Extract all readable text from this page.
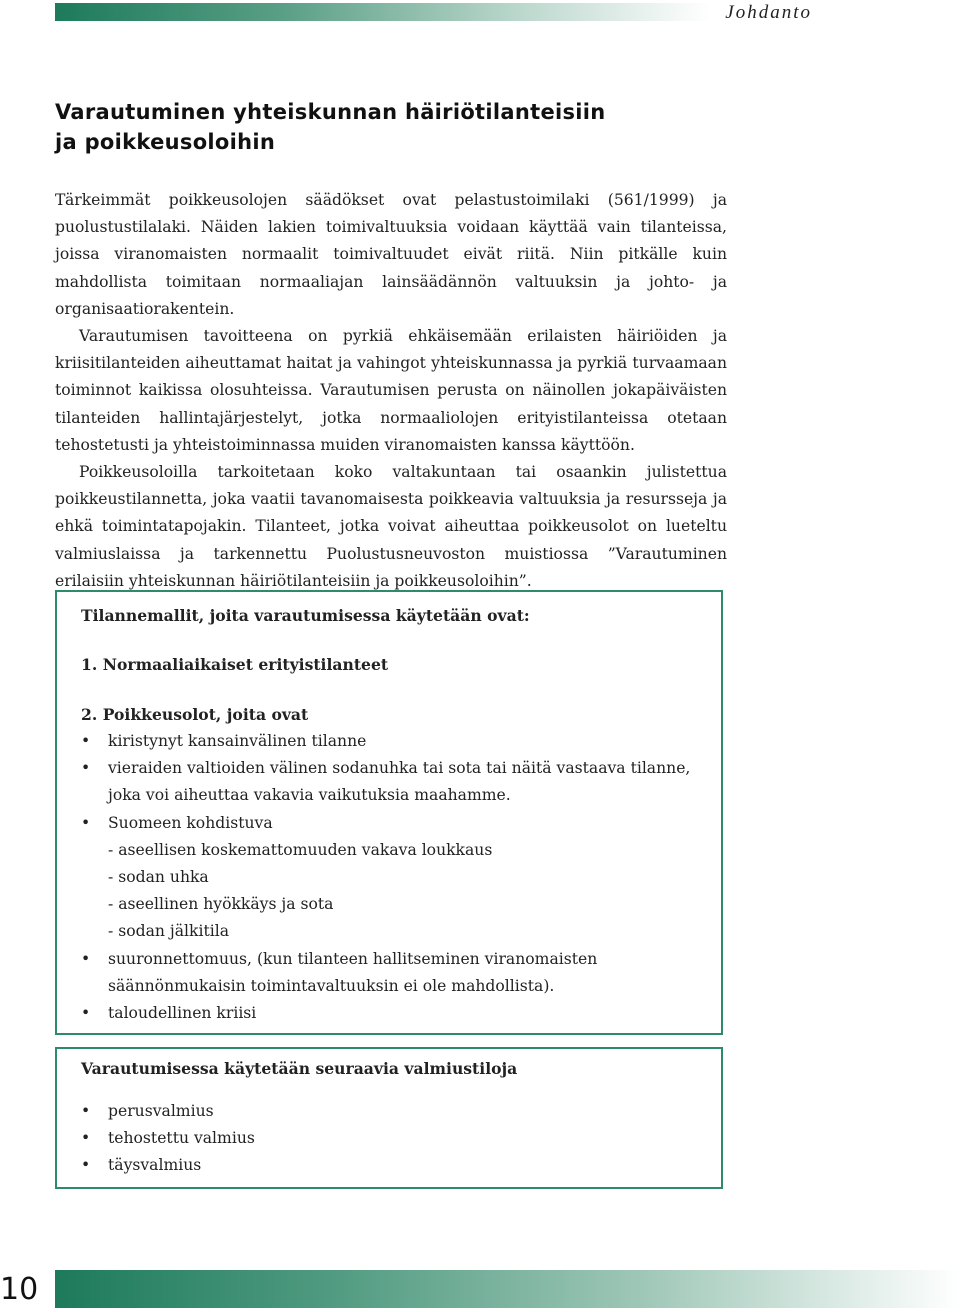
Johdanto
Varautuminen yhteiskunnan häiriötilanteisiin
ja poikkeusoloihin

Tärkeimmät poikkeusolojen säädökset ovat pelastustoimilaki (561/1999) ja puolustustilalaki. Näiden lakien toimivaltuuksia voidaan käyttää vain tilanteissa, joissa viranomaisten normaalit toimivaltuudet eivät riitä. Niin pitkälle kuin mahdollista toimitaan normaaliajan lainsäädännön valtuuksin ja johto- ja organisaatiorakentein.

Varautumisen tavoitteena on pyrkiä ehkäisemään erilaisten häiriöiden ja kriisitilanteiden aiheuttamat haitat ja vahingot yhteiskunnassa ja pyrkiä turvaamaan toiminnot kaikissa olosuhteissa. Varautumisen perusta on näinollen jokapäiväisten tilanteiden hallintajärjestelyt, jotka normaaliolojen erityistilanteissa otetaan tehostetusti ja yhteistoiminnassa muiden viranomaisten kanssa käyttöön.

Poikkeusoloilla tarkoitetaan koko valtakuntaan tai osaankin julistettua poikkeustilannetta, joka vaatii tavanomaisesta poikkeavia valtuuksia ja resursseja ja ehkä toimintatapojakin. Tilanteet, jotka voivat aiheuttaa poikkeusolot on lueteltu valmiuslaissa ja tarkennettu Puolustusneuvoston muistiossa ”Varautuminen erilaisiin yhteiskunnan häiriötilanteisiin ja poikkeusoloihin”.

Tilannemallit, joita varautumisessa käytetään ovat:
1. Normaaliaikaiset erityistilanteet
2. Poikkeusolot, joita ovat
• kiristynyt kansainvälinen tilanne
• vieraiden valtioiden välinen sodanuhka tai sota tai näitä vastaava tilanne, joka voi aiheuttaa vakavia vaikutuksia maahamme.
• Suomeen kohdistuva
- aseellisen koskemattomuuden vakava loukkaus
- sodan uhka
- aseellinen hyökkäys ja sota
- sodan jälkitila
• suuronnettomuus, (kun tilanteen hallitseminen viranomaisten säännönmukaisin toimintavaltuuksin ei ole mahdollista).
• taloudellinen kriisi
Varautumisessa käytetään seuraavia valmiustiloja
• perusvalmius
• tehostettu valmius
• täysvalmius
10
